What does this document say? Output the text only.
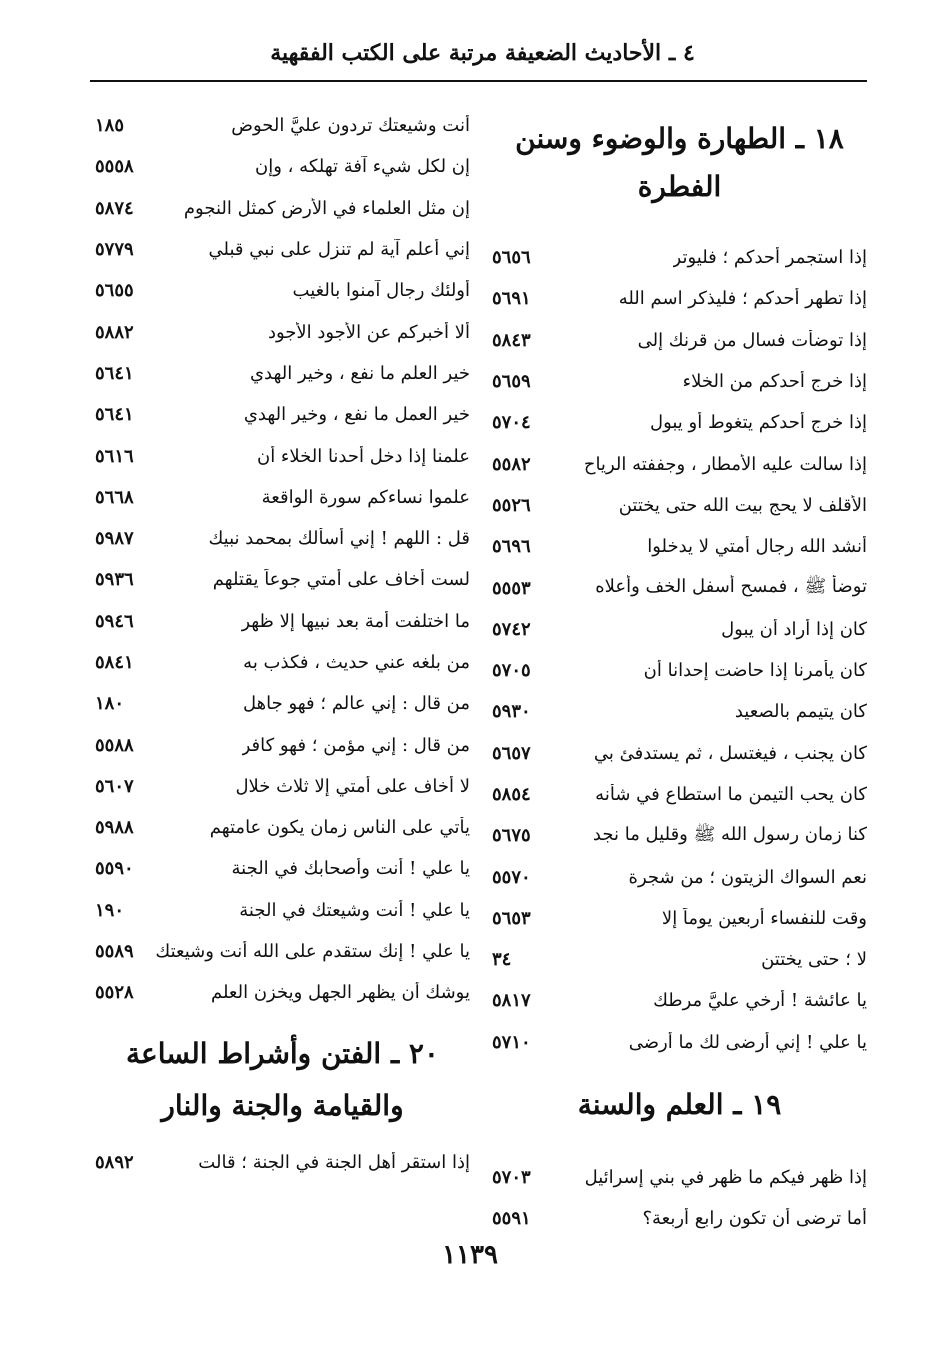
٤ ـ الأحاديث الضعيفة مرتبة على الكتب الفقهية
١٨ ـ الطهارة والوضوء وسنن الفطرة
إذا استجمر أحدكم ؛ فليوتر
٥٦٥٦
إذا تطهر أحدكم ؛ فليذكر اسم الله
٥٦٩١
إذا توضأت فسال من قرنك إلى
٥٨٤٣
إذا خرج أحدكم من الخلاء
٥٦٥٩
إذا خرج أحدكم يتغوط أو يبول
٥٧٠٤
إذا سالت عليه الأمطار ، وجففته الرياح
٥٥٨٢
الأقلف لا يحج بيت الله حتى يختتن
٥٥٢٦
أنشد الله رجال أمتي لا يدخلوا
٥٦٩٦
توضأ ﷺ ، فمسح أسفل الخف وأعلاه
٥٥٥٣
كان إذا أراد أن يبول
٥٧٤٢
كان يأمرنا إذا حاضت إحدانا أن
٥٧٠٥
كان يتيمم بالصعيد
٥٩٣٠
كان يجنب ، فيغتسل ، ثم يستدفئ بي
٥٦٥٧
كان يحب التيمن ما استطاع في شأنه
٥٨٥٤
كنا زمان رسول الله ﷺ وقليل ما نجد
٥٦٧٥
نعم السواك الزيتون ؛ من شجرة
٥٥٧٠
وقت للنفساء أربعين يوماً إلا
٥٦٥٣
لا ؛ حتى يختتن
٣٤
يا عائشة ! أرخي عليَّ مرطك
٥٨١٧
يا علي ! إني أرضى لك ما أرضى
٥٧١٠
١٩ ـ العلم والسنة
إذا ظهر فيكم ما ظهر في بني إسرائيل
٥٧٠٣
أما ترضى أن تكون رابع أربعة؟
٥٥٩١
أنت وشيعتك تردون عليَّ الحوض
١٨٥
إن لكل شيء آفة تهلكه ، وإن
٥٥٥٨
إن مثل العلماء في الأرض كمثل النجوم
٥٨٧٤
إني أعلم آية لم تنزل على نبي قبلي
٥٧٧٩
أولئك رجال آمنوا بالغيب
٥٦٥٥
ألا أخبركم عن الأجود الأجود
٥٨٨٢
خير العلم ما نفع ، وخير الهدي
٥٦٤١
خير العمل ما نفع ، وخير الهدي
٥٦٤١
علمنا إذا دخل أحدنا الخلاء أن
٥٦١٦
علموا نساءكم سورة الواقعة
٥٦٦٨
قل : اللهم ! إني أسألك بمحمد نبيك
٥٩٨٧
لست أخاف على أمتي جوعاً يقتلهم
٥٩٣٦
ما اختلفت أمة بعد نبيها إلا ظهر
٥٩٤٦
من بلغه عني حديث ، فكذب به
٥٨٤١
من قال : إني عالم ؛ فهو جاهل
١٨٠
من قال : إني مؤمن ؛ فهو كافر
٥٥٨٨
لا أخاف على أمتي إلا ثلاث خلال
٥٦٠٧
يأتي على الناس زمان يكون عامتهم
٥٩٨٨
يا علي ! أنت وأصحابك في الجنة
٥٥٩٠
يا علي ! أنت وشيعتك في الجنة
١٩٠
يا علي ! إنك ستقدم على الله أنت وشيعتك
٥٥٨٩
يوشك أن يظهر الجهل ويخزن العلم
٥٥٢٨
٢٠ ـ الفتن وأشراط الساعة
والقيامة والجنة والنار
إذا استقر أهل الجنة في الجنة ؛ قالت
٥٨٩٢
١١٣٩
